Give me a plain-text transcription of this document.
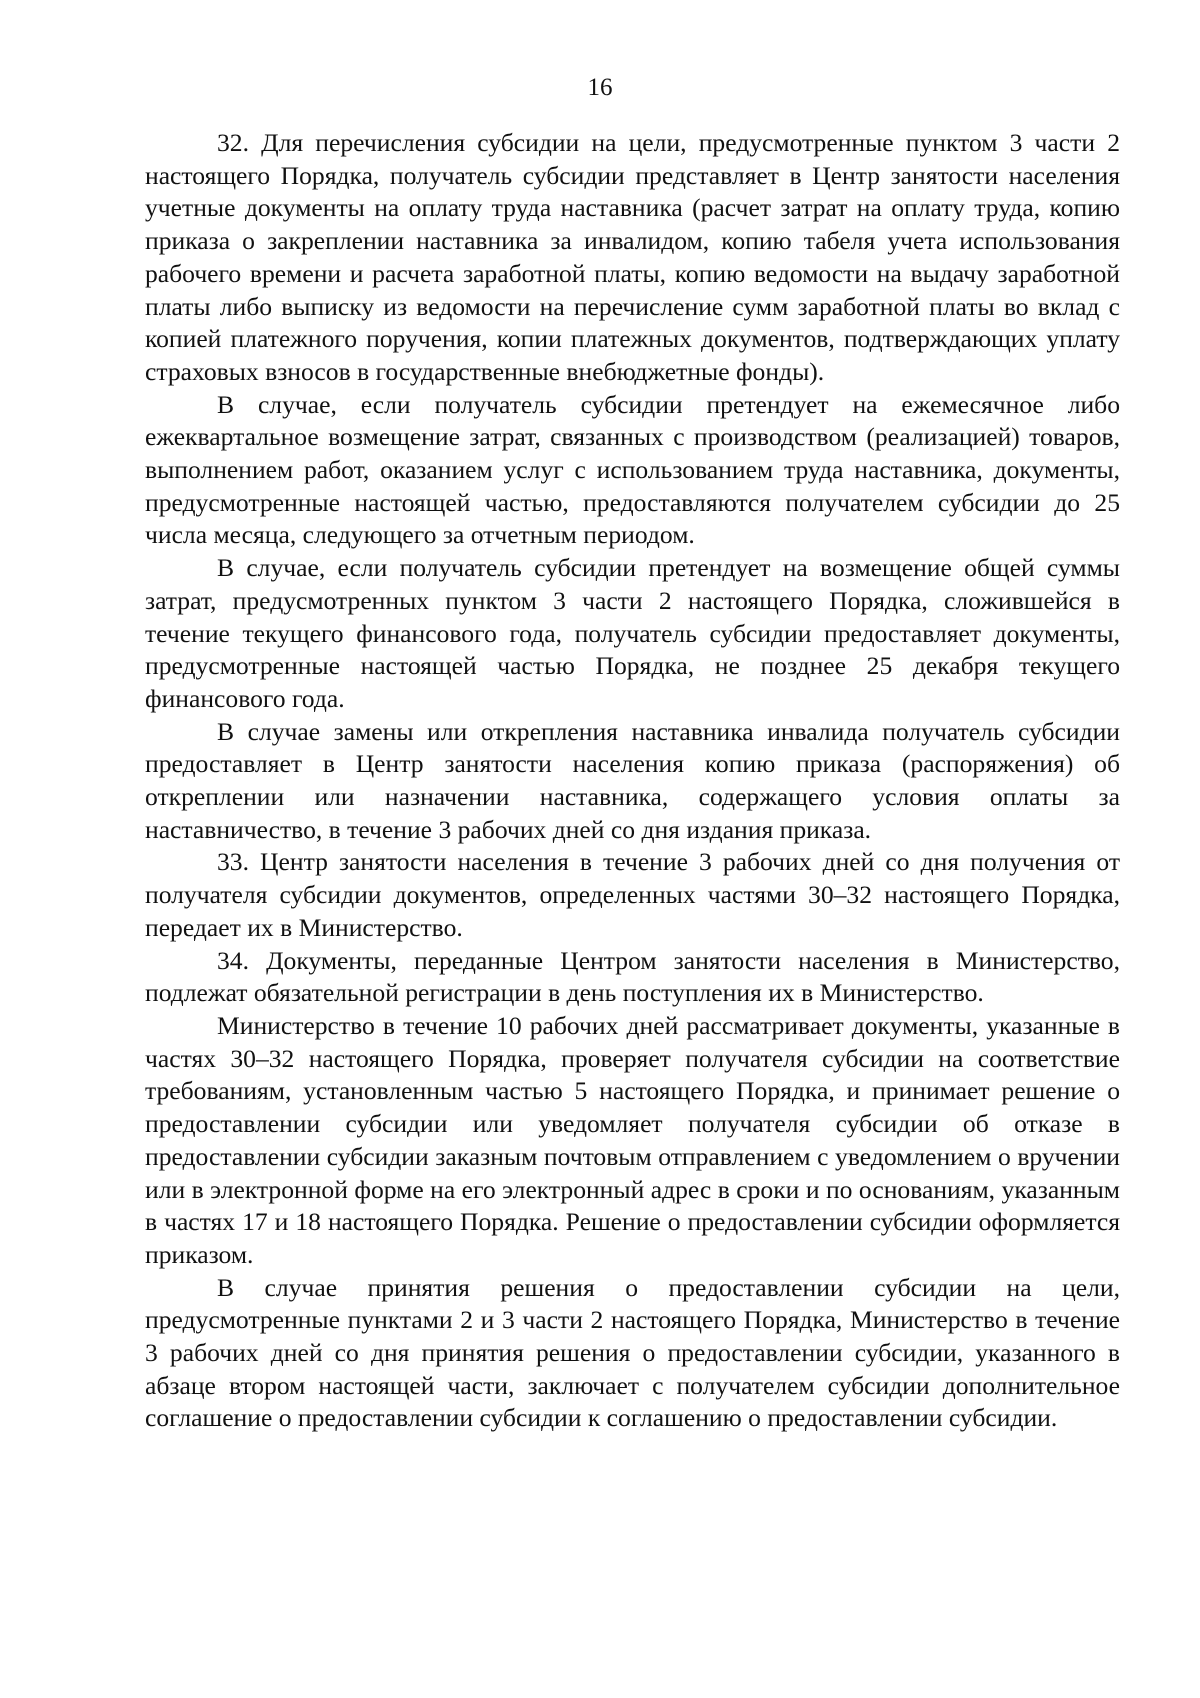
16

32. Для перечисления субсидии на цели, предусмотренные пунктом 3 части 2 настоящего Порядка, получатель субсидии представляет в Центр занятости населения учетные документы на оплату труда наставника (расчет затрат на оплату труда, копию приказа о закреплении наставника за инвалидом, копию табеля учета использования рабочего времени и расчета заработной платы, копию ведомости на выдачу заработной платы либо выписку из ведомости на перечисление сумм заработной платы во вклад с копией платежного поручения, копии платежных документов, подтверждающих уплату страховых взносов в государственные внебюджетные фонды).

В случае, если получатель субсидии претендует на ежемесячное либо ежеквартальное возмещение затрат, связанных с производством (реализацией) товаров, выполнением работ, оказанием услуг с использованием труда наставника, документы, предусмотренные настоящей частью, предоставляются получателем субсидии до 25 числа месяца, следующего за отчетным периодом.

В случае, если получатель субсидии претендует на возмещение общей суммы затрат, предусмотренных пунктом 3 части 2 настоящего Порядка, сложившейся в течение текущего финансового года, получатель субсидии предоставляет документы, предусмотренные настоящей частью Порядка, не позднее 25 декабря текущего финансового года.

В случае замены или открепления наставника инвалида получатель субсидии предоставляет в Центр занятости населения копию приказа (распоряжения) об откреплении или назначении наставника, содержащего условия оплаты за наставничество, в течение 3 рабочих дней со дня издания приказа.

33. Центр занятости населения в течение 3 рабочих дней со дня получения от получателя субсидии документов, определенных частями 30–32 настоящего Порядка, передает их в Министерство.

34. Документы, переданные Центром занятости населения в Министерство, подлежат обязательной регистрации в день поступления их в Министерство.

Министерство в течение 10 рабочих дней рассматривает документы, указанные в частях 30–32 настоящего Порядка, проверяет получателя субсидии на соответствие требованиям, установленным частью 5 настоящего Порядка, и принимает решение о предоставлении субсидии или уведомляет получателя субсидии об отказе в предоставлении субсидии заказным почтовым отправлением с уведомлением о вручении или в электронной форме на его электронный адрес в сроки и по основаниям, указанным в частях 17 и 18 настоящего Порядка. Решение о предоставлении субсидии оформляется приказом.

В случае принятия решения о предоставлении субсидии на цели, предусмотренные пунктами 2 и 3 части 2 настоящего Порядка, Министерство в течение 3 рабочих дней со дня принятия решения о предоставлении субсидии, указанного в абзаце втором настоящей части, заключает с получателем субсидии дополнительное соглашение о предоставлении субсидии к соглашению о предоставлении субсидии.
